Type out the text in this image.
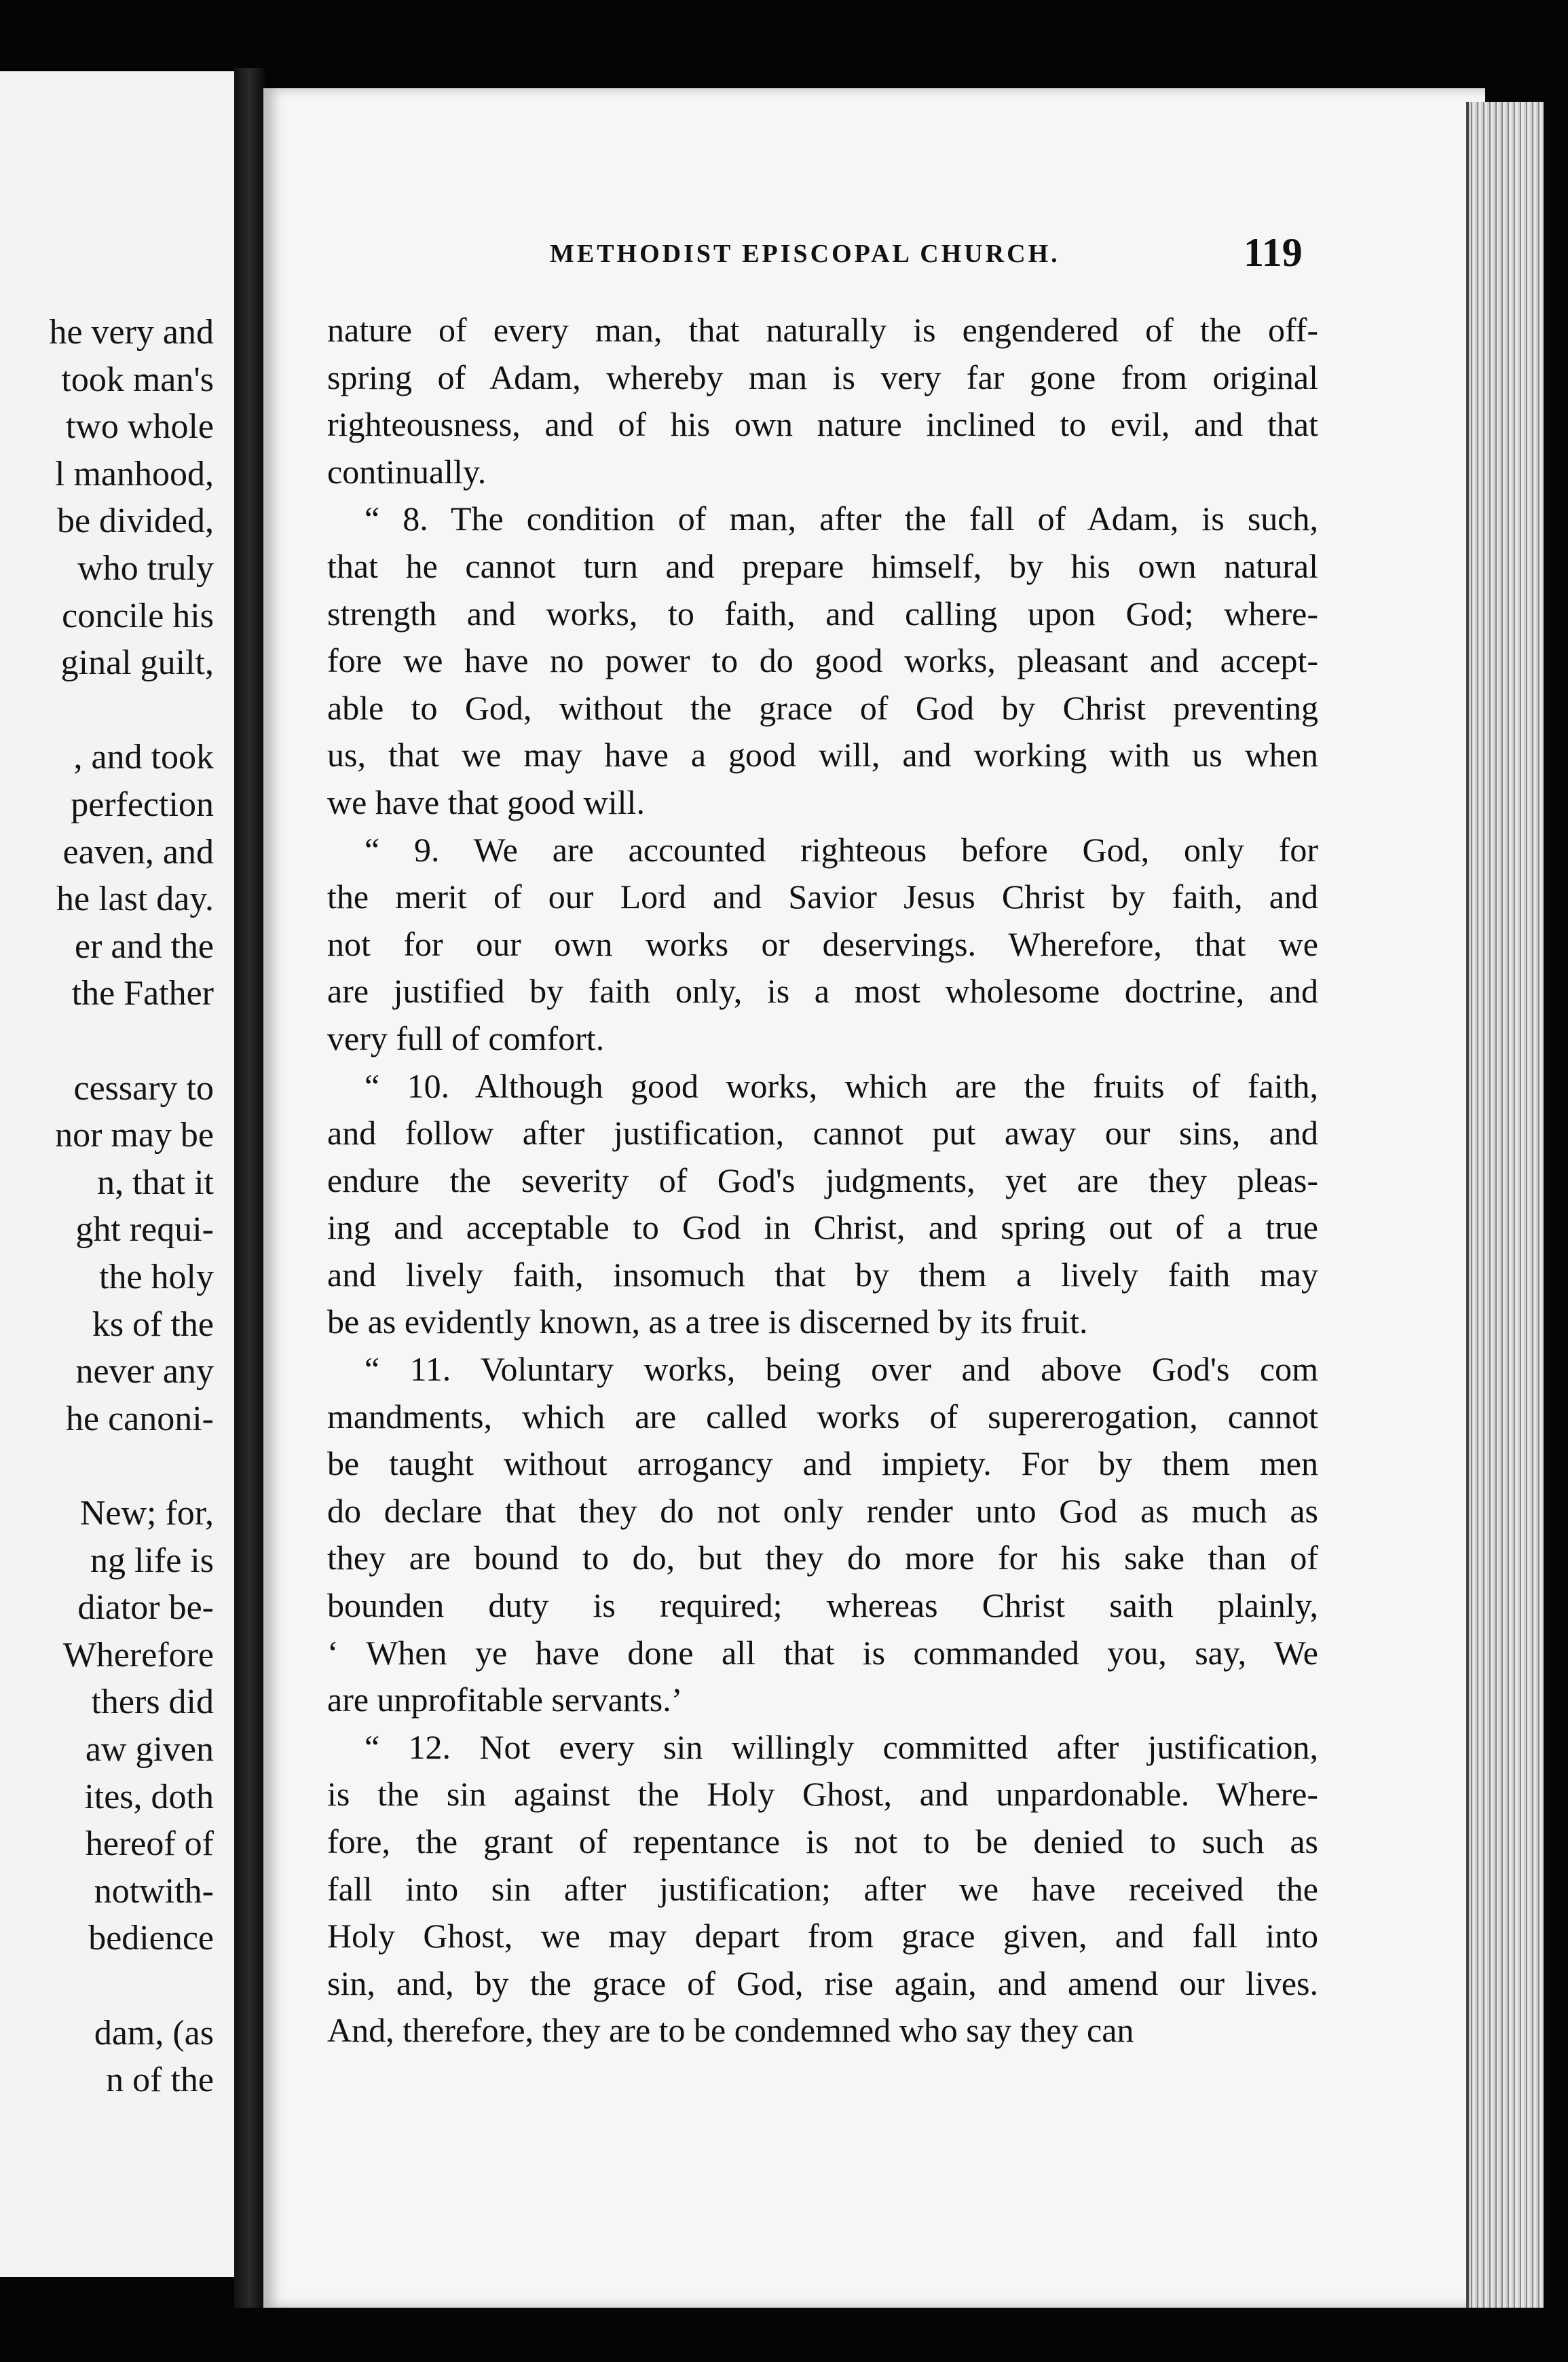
he very and
took man's
two whole
l manhood,
be divided,
who truly
concile his
ginal guilt,
, and took
perfection
eaven, and
he last day.
er and the
the Father
cessary to
nor may be
n, that it
ght requi-
the holy
ks of the
never any
he canoni-
New; for,
ng life is
diator be-
Wherefore
thers did
aw given
ites, doth
hereof of
notwith-
bedience
dam, (as
n of the
METHODIST EPISCOPAL CHURCH.	119
nature of every man, that naturally is engendered of the off-
spring of Adam, whereby man is very far gone from original
righteousness, and of his own nature inclined to evil, and that
continually.
“ 8. The condition of man, after the fall of Adam, is such,
that he cannot turn and prepare himself, by his own natural
strength and works, to faith, and calling upon God; where-
fore we have no power to do good works, pleasant and accept-
able to God, without the grace of God by Christ preventing
us, that we may have a good will, and working with us when
we have that good will.
“ 9. We are accounted righteous before God, only for
the merit of our Lord and Savior Jesus Christ by faith, and
not for our own works or deservings. Wherefore, that we
are justified by faith only, is a most wholesome doctrine, and
very full of comfort.
“ 10. Although good works, which are the fruits of faith,
and follow after justification, cannot put away our sins, and
endure the severity of God's judgments, yet are they pleas-
ing and acceptable to God in Christ, and spring out of a true
and lively faith, insomuch that by them a lively faith may
be as evidently known, as a tree is discerned by its fruit.
“ 11. Voluntary works, being over and above God's com
mandments, which are called works of supererogation, cannot
be taught without arrogancy and impiety. For by them men
do declare that they do not only render unto God as much as
they are bound to do, but they do more for his sake than of
bounden duty is required; whereas Christ saith plainly,
‘ When ye have done all that is commanded you, say, We
are unprofitable servants.’
“ 12. Not every sin willingly committed after justification,
is the sin against the Holy Ghost, and unpardonable. Where-
fore, the grant of repentance is not to be denied to such as
fall into sin after justification; after we have received the
Holy Ghost, we may depart from grace given, and fall into
sin, and, by the grace of God, rise again, and amend our lives.
And, therefore, they are to be condemned who say they can
